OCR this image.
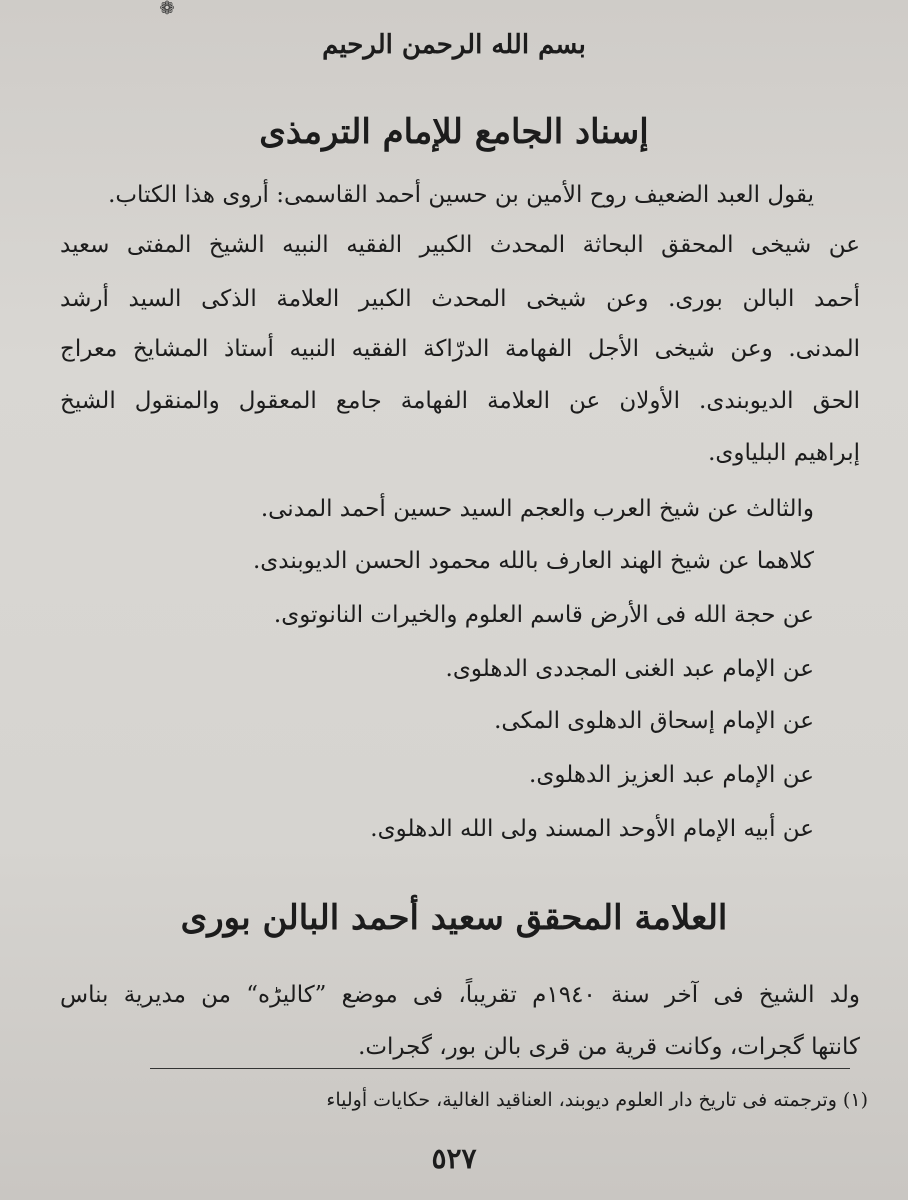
❁
بسم الله الرحمن الرحيم
إسناد الجامع للإمام الترمذى
يقول العبد الضعيف روح الأمين بن حسين أحمد القاسمى: أروى هذا الكتاب.
عن شيخى المحقق البحاثة المحدث الكبير الفقيه النبيه الشيخ المفتى سعيد
أحمد البالن بورى. وعن شيخى المحدث الكبير العلامة الذكى السيد أرشد
المدنى. وعن شيخى الأجل الفهامة الدرّاكة الفقيه النبيه أستاذ المشايخ معراج
الحق الديوبندى. الأولان عن العلامة الفهامة جامع المعقول والمنقول الشيخ
إبراهيم البلياوى.
والثالث عن شيخ العرب والعجم السيد حسين أحمد المدنى.
كلاهما عن شيخ الهند العارف بالله محمود الحسن الديوبندى.
عن حجة الله فى الأرض قاسم العلوم والخيرات النانوتوى.
عن الإمام عبد الغنى المجددى الدهلوى.
عن الإمام إسحاق الدهلوى المكى.
عن الإمام عبد العزيز الدهلوى.
عن أبيه الإمام الأوحد المسند ولى الله الدهلوى.
العلامة المحقق سعيد أحمد البالن بورى
ولد الشيخ فى آخر سنة ١٩٤٠م تقريباً، فى موضع ”كاليڑه“ من مديرية بناس
كانتها گجرات، وكانت قرية من قرى بالن بور، گجرات.
(١) وترجمته فى تاريخ دار العلوم ديوبند، العناقيد الغالية، حكايات أولياء
٥٢٧
